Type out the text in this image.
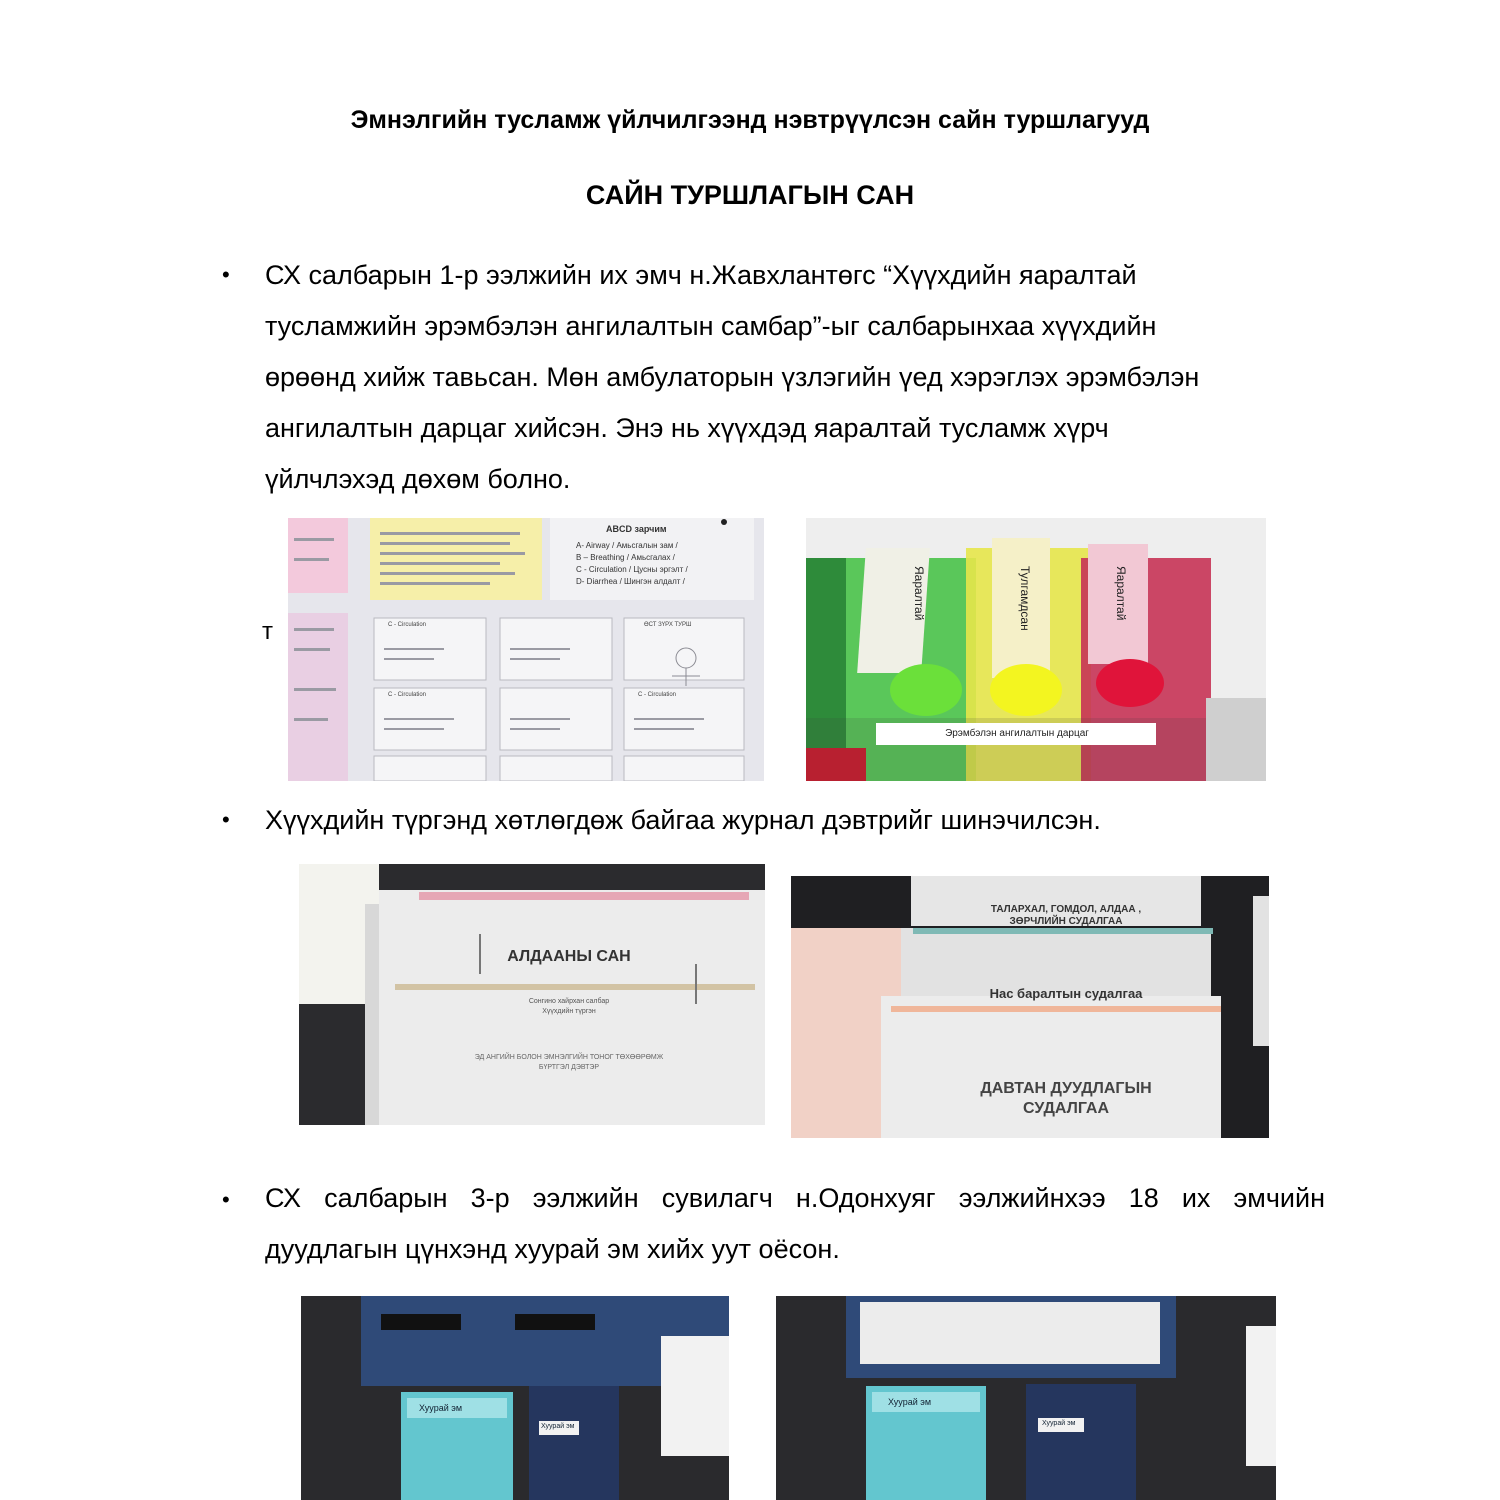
Эмнэлгийн тусламж үйлчилгээнд нэвтрүүлсэн сайн туршлагууд
САЙН ТУРШЛАГЫН САН
• СХ салбарын 1-р ээлжийн их эмч н.Жавхлантөгс “Хүүхдийн яаралтай
тусламжийн эрэмбэлэн ангилалтын самбар”-ыг салбарынхаа хүүхдийн
өрөөнд хийж тавьсан. Мөн амбулаторын үзлэгийн үед хэрэглэх эрэмбэлэн
ангилалтын дарцаг хийсэн. Энэ нь хүүхдэд яаралтай тусламж хүрч
үйлчлэхэд дөхөм болно.
т
ABCD зарчим
A- Airway / Амьсгалын зам /
B – Breathing / Амьсгалах /
C - Circulation / Цусны эргэлт /
D- Diarrhea / Шингэн алдалт /
C - Circulation
C - Circulation	C - Circulation
ӨСТ ЗҮРХ ТУРШ
Яаралтай	Тулгамдсан	Яаралтай
Эрэмбэлэн ангилалтын дарцаг
• Хүүхдийн түргэнд хөтлөгдөж байгаа журнал дэвтрийг шинэчилсэн.
АЛДААНЫ САН
Сонгино хайрхан салбар
Хүүхдийн түргэн
ЭД АНГИЙН БОЛОН ЭМНЭЛГИЙН ТОНОГ ТӨХӨӨРӨМЖ
БҮРТГЭЛ ДЭВТЭР
ТАЛАРХАЛ, ГОМДОЛ, АЛДАА ,
ЗӨРЧЛИЙН СУДАЛГАА
Нас баралтын судалгаа
ДАВТАН ДУУДЛАГЫН
СУДАЛГАА
• СХ салбарын 3-р ээлжийн сувилагч н.Одонхуяг ээлжийнхээ 18 их эмчийн
дуудлагын цүнхэнд хуурай эм хийх уут оёсон.
Хуурай эм
Хуурай эм
Хуурай эм
Хуурай эм
